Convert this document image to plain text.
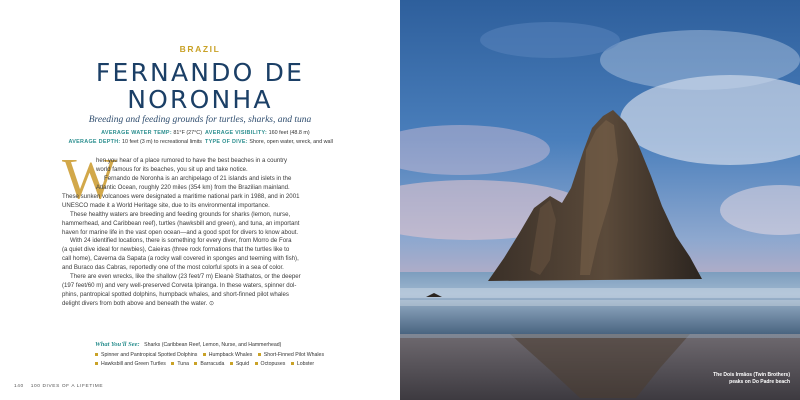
BRAZIL
FERNANDO DE
NORONHA
Breeding and feeding grounds for turtles, sharks, and tuna
AVERAGE WATER TEMP: 81°F (27°C)
AVERAGE DEPTH: 10 feet (3 m) to recreational limits
AVERAGE VISIBILITY: 160 feet (48.8 m)
TYPE OF DIVE: Shore, open water, wreck, and wall
W
hen you hear of a place rumored to have the best beaches in a country
world famous for its beaches, you sit up and take notice.
Fernando de Noronha is an archipelago of 21 islands and islets in the
Atlantic Ocean, roughly 220 miles (354 km) from the Brazilian mainland.
These sunken volcanoes were designated a maritime national park in 1988, and in 2001
UNESCO made it a World Heritage site, due to its environmental importance.
These healthy waters are breeding and feeding grounds for sharks (lemon, nurse,
hammerhead, and Caribbean reef), turtles (hawksbill and green), and tuna, an important
haven for marine life in the vast open ocean—and a good spot for divers to know about.
With 24 identified locations, there is something for every diver, from Morro de Fora
(a quiet dive ideal for newbies), Caieiras (three rock formations that the turtles like to
call home), Caverna da Sapata (a rocky wall covered in sponges and teeming with fish),
and Buraco das Cabras, reportedly one of the most colorful spots in a sea of color.
There are even wrecks, like the shallow (23 feet/7 m) Eleanè Stathatos, or the deeper
(197 feet/60 m) and very well-preserved Corveta Ipiranga. In these waters, spinner dol-
phins, pantropical spotted dolphins, humpback whales, and short-finned pilot whales
delight divers from both above and beneath the water. ⊙
What You'll See: Sharks (Caribbean Reef, Lemon, Nurse, and Hammerhead)
Spinner and Pantropical Spotted Dolphins Humpback Whales Short-Finned Pilot Whales
Hawksbill and Green Turtles Tuna Barracuda Squid Octopuses Lobster
140 100 DIVES OF A LIFETIME
The Dois Irmãos (Twin Brothers)
peaks on Do Padre beach
